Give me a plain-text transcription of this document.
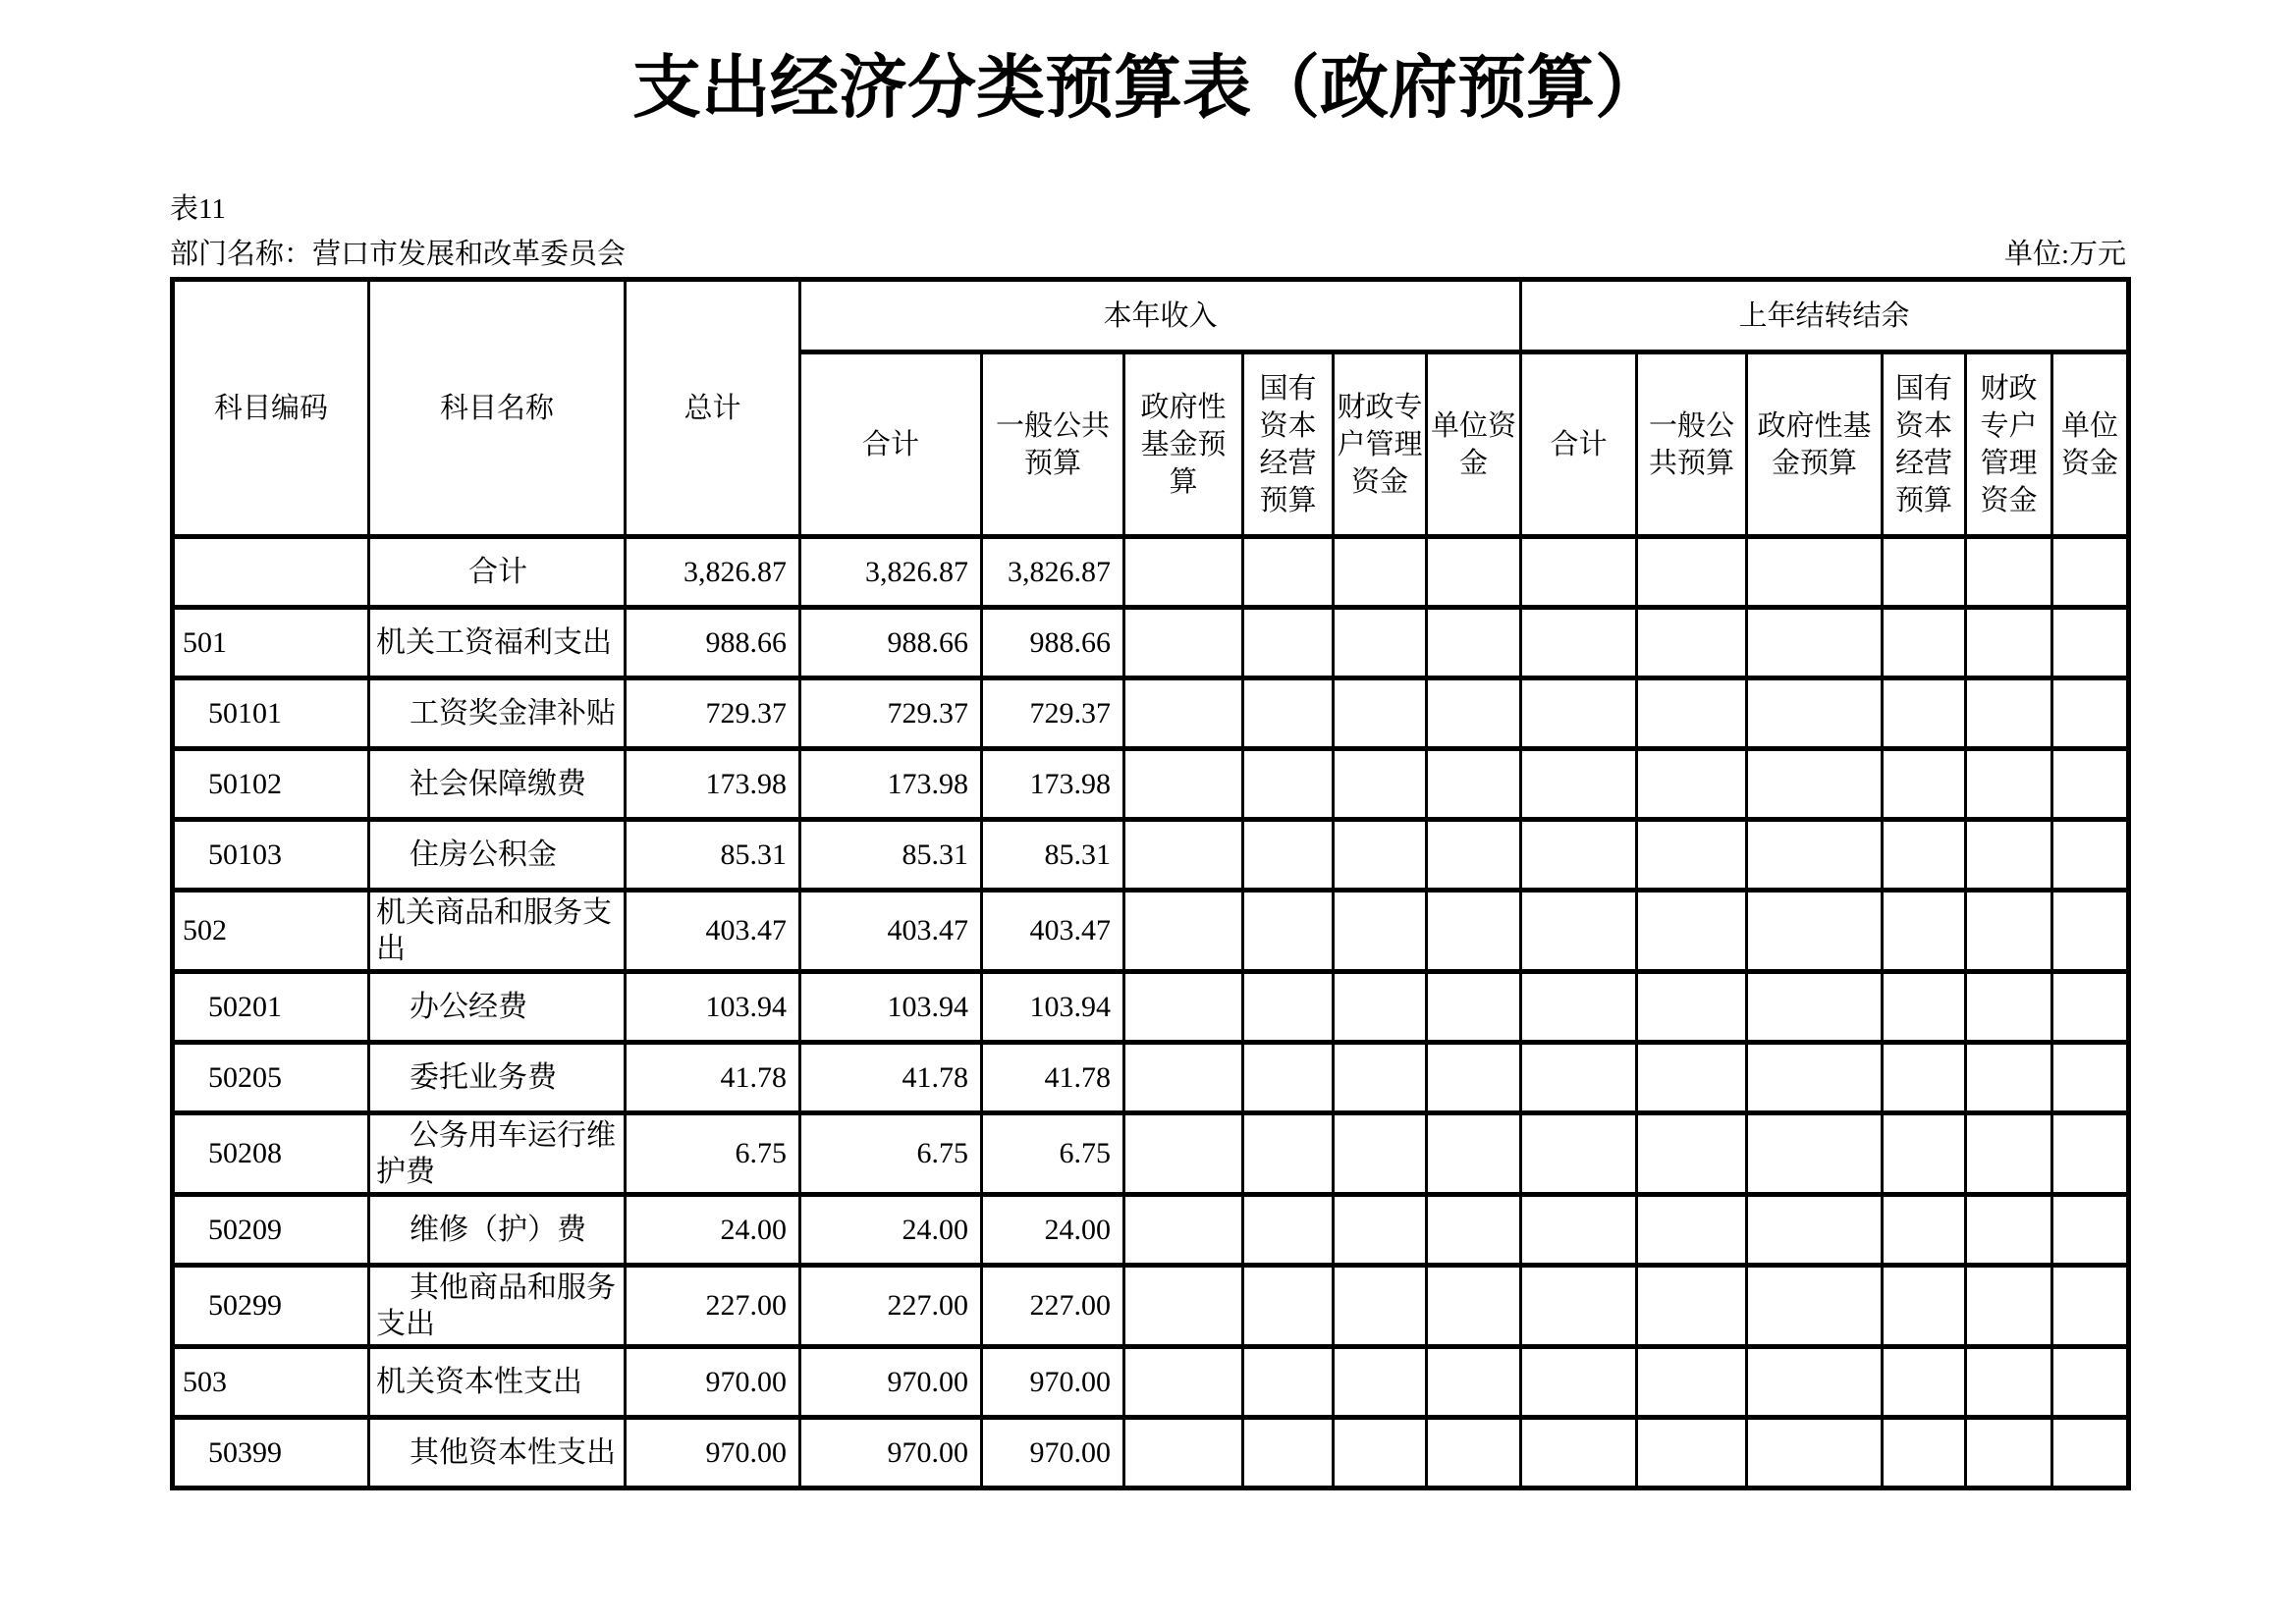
支出经济分类预算表（政府预算）
表11
部门名称：营口市发展和改革委员会	单位:万元
科目编码	科目名称	总计	本年收入						上年结转结余					
			合计	一般公共预算	政府性基金预算	国有资本经营预算	财政专户管理资金	单位资金	合计	一般公共预算	政府性基金预算	国有资本经营预算	财政专户管理资金	单位资金
	合计	3,826.87	3,826.87	3,826.87										
501	机关工资福利支出	988.66	988.66	988.66										
50101	工资奖金津补贴	729.37	729.37	729.37										
50102	社会保障缴费	173.98	173.98	173.98										
50103	住房公积金	85.31	85.31	85.31										
502	机关商品和服务支出	403.47	403.47	403.47										
50201	办公经费	103.94	103.94	103.94										
50205	委托业务费	41.78	41.78	41.78										
50208	公务用车运行维护费	6.75	6.75	6.75										
50209	维修（护）费	24.00	24.00	24.00										
50299	其他商品和服务支出	227.00	227.00	227.00										
503	机关资本性支出	970.00	970.00	970.00										
50399	其他资本性支出	970.00	970.00	970.00										
